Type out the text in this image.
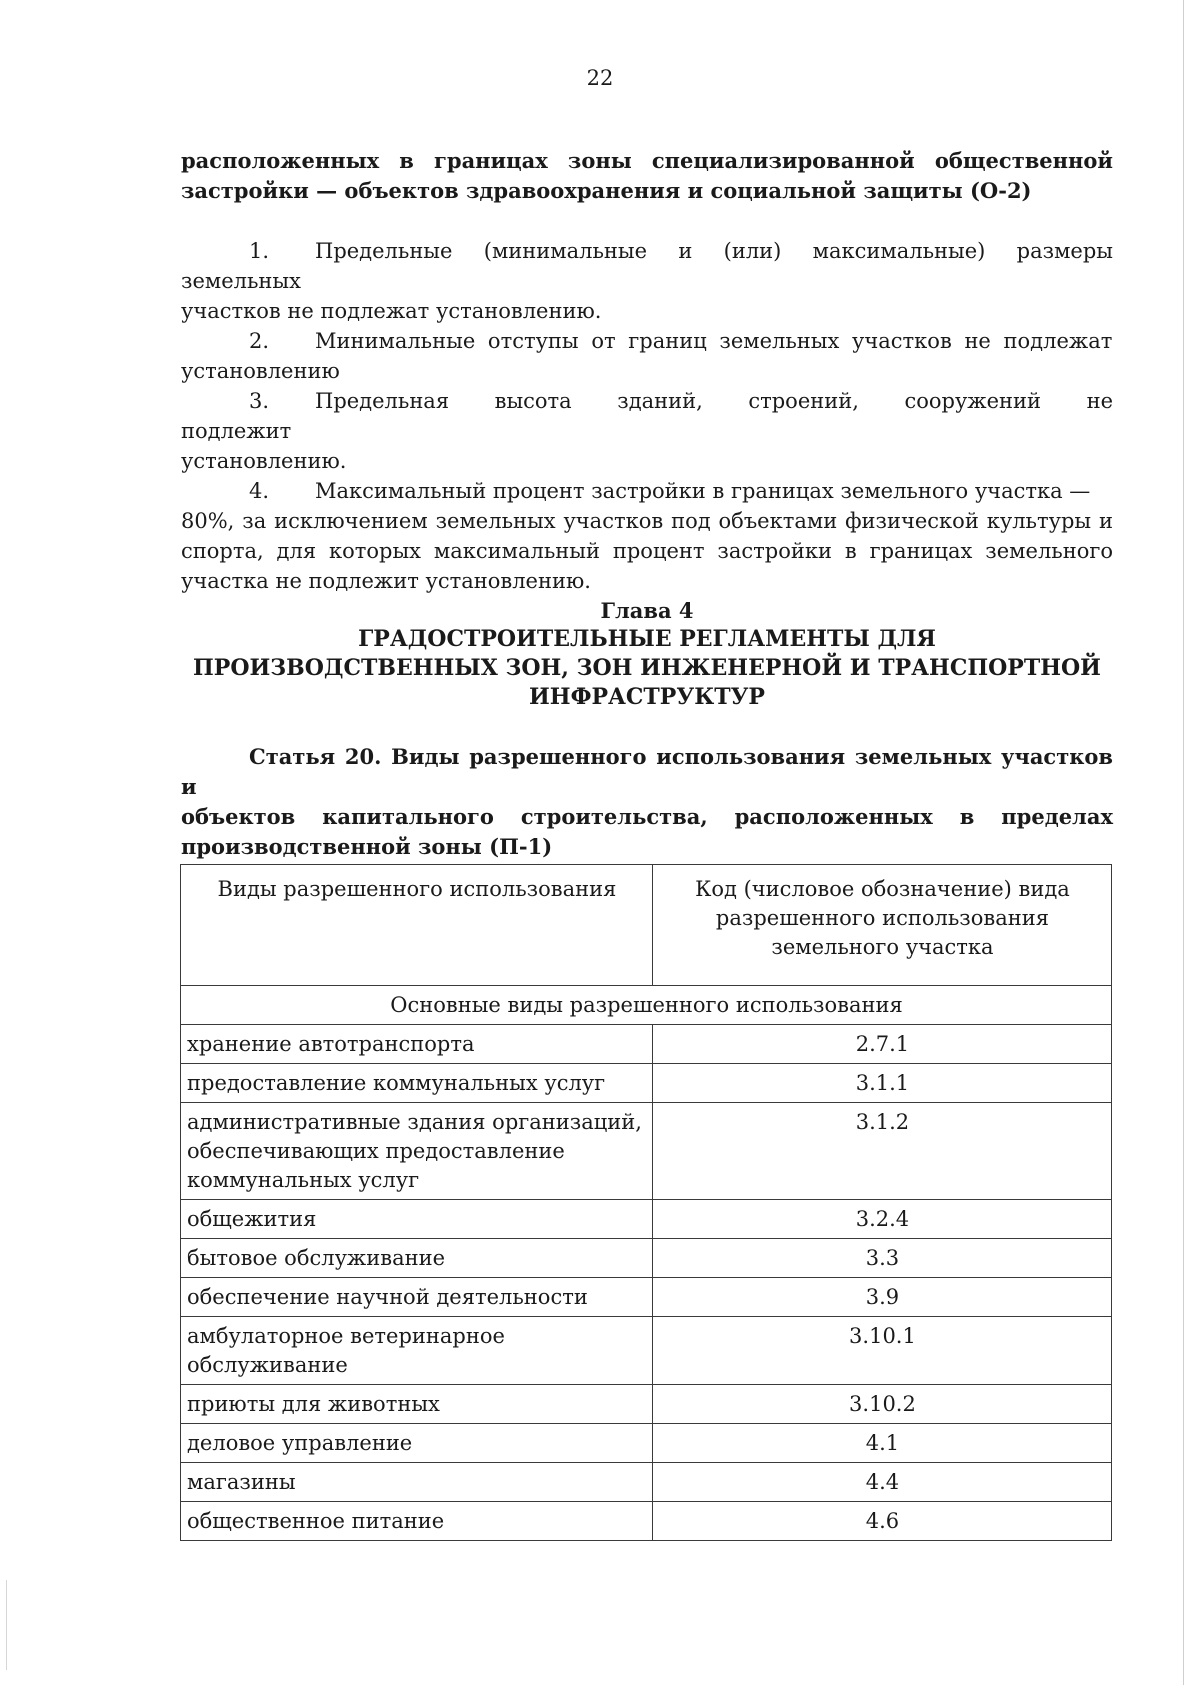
22
расположенных в границах зоны специализированной общественной
застройки — объектов здравоохранения и социальной защиты (О-2)

1. Предельные (минимальные и (или) максимальные) размеры земельных

участков не подлежат установлению.

2. Минимальные отступы от границ земельных участков не подлежат

установлению

3. Предельная высота зданий, строений, сооружений не подлежит

установлению.

4. Максимальный процент застройки в границах земельного участка —

80%, за исключением земельных участков под объектами физической культуры и спорта, для которых максимальный процент застройки в границах земельного участка не подлежит установлению.

Глава 4
ГРАДОСТРОИТЕЛЬНЫЕ РЕГЛАМЕНТЫ ДЛЯ
ПРОИЗВОДСТВЕННЫХ ЗОН, ЗОН ИНЖЕНЕРНОЙ И ТРАНСПОРТНОЙ
ИНФРАСТРУКТУР
Статья 20. Виды разрешенного использования земельных участков и
объектов капитального строительства, расположенных в пределах
производственной зоны (П-1)
Виды разрешенного использования	Код (числовое обозначение) вида разрешенного использования земельного участка
Основные виды разрешенного использования	
хранение автотранспорта	2.7.1
предоставление коммунальных услуг	3.1.1
административные здания организаций, обеспечивающих предоставление коммунальных услуг	3.1.2
общежития	3.2.4
бытовое обслуживание	3.3
обеспечение научной деятельности	3.9
амбулаторное ветеринарное обслуживание	3.10.1
приюты для животных	3.10.2
деловое управление	4.1
магазины	4.4
общественное питание	4.6
